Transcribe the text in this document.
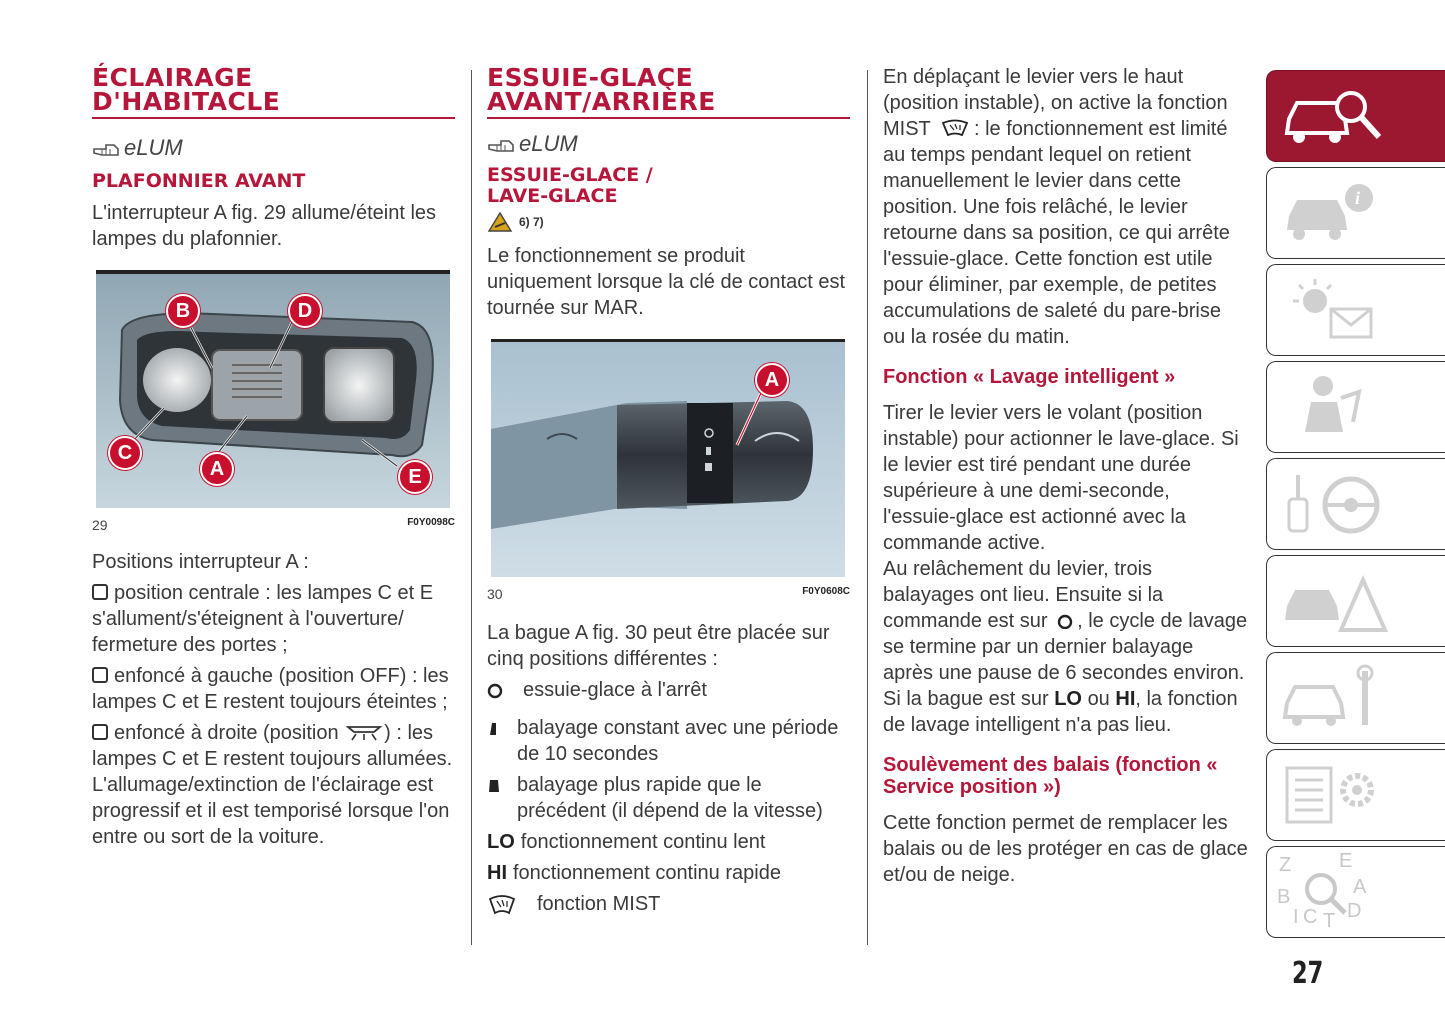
ÉCLAIRAGE
D'HABITACLE
eLUM
PLAFONNIER AVANT

L'interrupteur A fig. 29 allume/éteint les lampes du plafonnier.

B	D
C
A	E
29	F0Y0098C

Positions interrupteur A :

position centrale : les lampes C et E s'allument/s'éteignent à l'ouverture/ fermeture des portes ;

enfoncé à gauche (position OFF) : les lampes C et E restent toujours éteintes ;

enfoncé à droite (position ) : les lampes C et E restent toujours allumées.

L'allumage/extinction de l'éclairage est progressif et il est temporisé lorsque l'on entre ou sort de la voiture.

ESSUIE-GLACE
AVANT/ARRIÈRE
eLUM
ESSUIE-GLACE /
LAVE-GLACE
6) 7)

Le fonctionnement se produit uniquement lorsque la clé de contact est tournée sur MAR.

A
30	F0Y0608C

La bague A fig. 30 peut être placée sur cinq positions différentes :

essuie-glace à l'arrêt
balayage constant avec une période de 10 secondes
balayage plus rapide que le précédent (il dépend de la vitesse)
LO fonctionnement continu lent
HI fonctionnement continu rapide
fonction MIST

En déplaçant le levier vers le haut (position instable), on active la fonction MIST : le fonctionnement est limité au temps pendant lequel on retient manuellement le levier dans cette position. Une fois relâché, le levier retourne dans sa position, ce qui arrête l'essuie-glace. Cette fonction est utile pour éliminer, par exemple, de petites accumulations de saleté du pare-brise ou la rosée du matin.

Fonction « Lavage intelligent »

Tirer le levier vers le volant (position instable) pour actionner le lave-glace. Si le levier est tiré pendant une durée supérieure à une demi-seconde, l'essuie-glace est actionné avec la commande active.

Au relâchement du levier, trois balayages ont lieu. Ensuite si la commande est sur , le cycle de lavage se termine par un dernier balayage après une pause de 6 secondes environ.

Si la bague est sur LO ou HI, la fonction de lavage intelligent n'a pas lieu.

Soulèvement des balais (fonction « Service position »)

Cette fonction permet de remplacer les balais ou de les protéger en cas de glace et/ou de neige.

i
Z E
A
B
I C T D
27
